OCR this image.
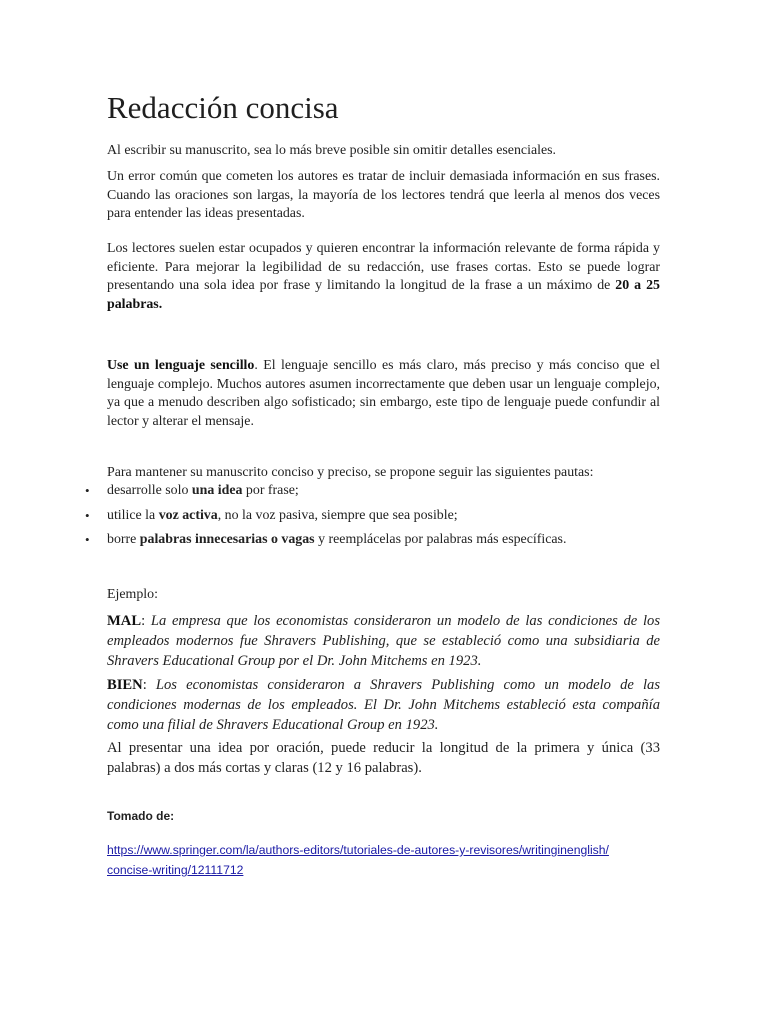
Redacción concisa

Al escribir su manuscrito, sea lo más breve posible sin omitir detalles esenciales.

Un error común que cometen los autores es tratar de incluir demasiada información en sus frases. Cuando las oraciones son largas, la mayoría de los lectores tendrá que leerla al menos dos veces para entender las ideas presentadas.

Los lectores suelen estar ocupados y quieren encontrar la información relevante de forma rápida y eficiente. Para mejorar la legibilidad de su redacción, use frases cortas. Esto se puede lograr presentando una sola idea por frase y limitando la longitud de la frase a un máximo de 20 a 25 palabras.

Use un lenguaje sencillo. El lenguaje sencillo es más claro, más preciso y más conciso que el lenguaje complejo. Muchos autores asumen incorrectamente que deben usar un lenguaje complejo, ya que a menudo describen algo sofisticado; sin embargo, este tipo de lenguaje puede confundir al lector y alterar el mensaje.

Para mantener su manuscrito conciso y preciso, se propone seguir las siguientes pautas:

• desarrolle solo una idea por frase;
• utilice la voz activa, no la voz pasiva, siempre que sea posible;
• borre palabras innecesarias o vagas y reemplácelas por palabras más específicas.

Ejemplo:

MAL: La empresa que los economistas consideraron un modelo de las condiciones de los empleados modernos fue Shravers Publishing, que se estableció como una subsidiaria de Shravers Educational Group por el Dr. John Mitchems en 1923.

BIEN: Los economistas consideraron a Shravers Publishing como un modelo de las condiciones modernas de los empleados. El Dr. John Mitchems estableció esta compañía como una filial de Shravers Educational Group en 1923.

Al presentar una idea por oración, puede reducir la longitud de la primera y única (33 palabras) a dos más cortas y claras (12 y 16 palabras).

Tomado de:

https://www.springer.com/la/authors-editors/tutoriales-de-autores-y-revisores/writinginenglish/
concise-writing/12111712
